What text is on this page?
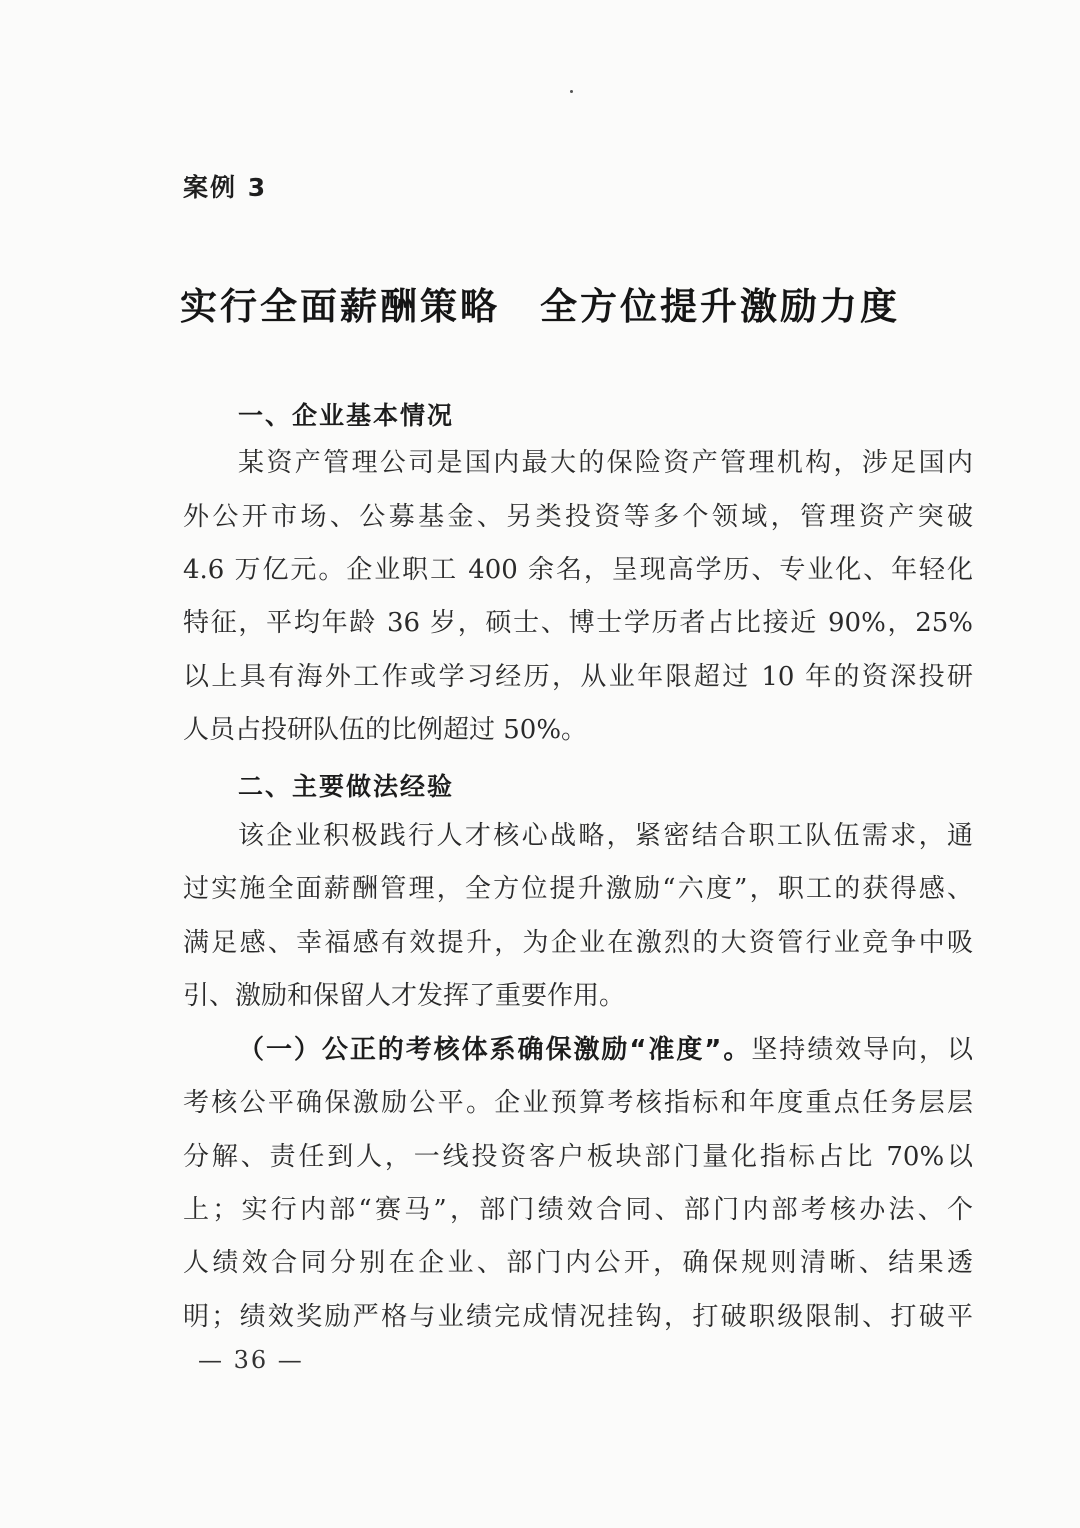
案例 3
实行全面薪酬策略 全方位提升激励力度
一、企业基本情况
某资产管理公司是国内最大的保险资产管理机构，涉足国内
外公开市场、公募基金、另类投资等多个领域，管理资产突破
4.6 万亿元。企业职工 400 余名，呈现高学历、专业化、年轻化
特征，平均年龄 36 岁，硕士、博士学历者占比接近 90%，25%
以上具有海外工作或学习经历，从业年限超过 10 年的资深投研
人员占投研队伍的比例超过 50%。
二、主要做法经验
该企业积极践行人才核心战略，紧密结合职工队伍需求，通
过实施全面薪酬管理，全方位提升激励“六度”，职工的获得感、
满足感、幸福感有效提升，为企业在激烈的大资管行业竞争中吸
引、激励和保留人才发挥了重要作用。
（一）公正的考核体系确保激励“准度”。坚持绩效导向，以
考核公平确保激励公平。企业预算考核指标和年度重点任务层层
分解、责任到人，一线投资客户板块部门量化指标占比 70%以
上；实行内部“赛马”，部门绩效合同、部门内部考核办法、个
人绩效合同分别在企业、部门内公开，确保规则清晰、结果透
明；绩效奖励严格与业绩完成情况挂钩，打破职级限制、打破平
— 36 —
